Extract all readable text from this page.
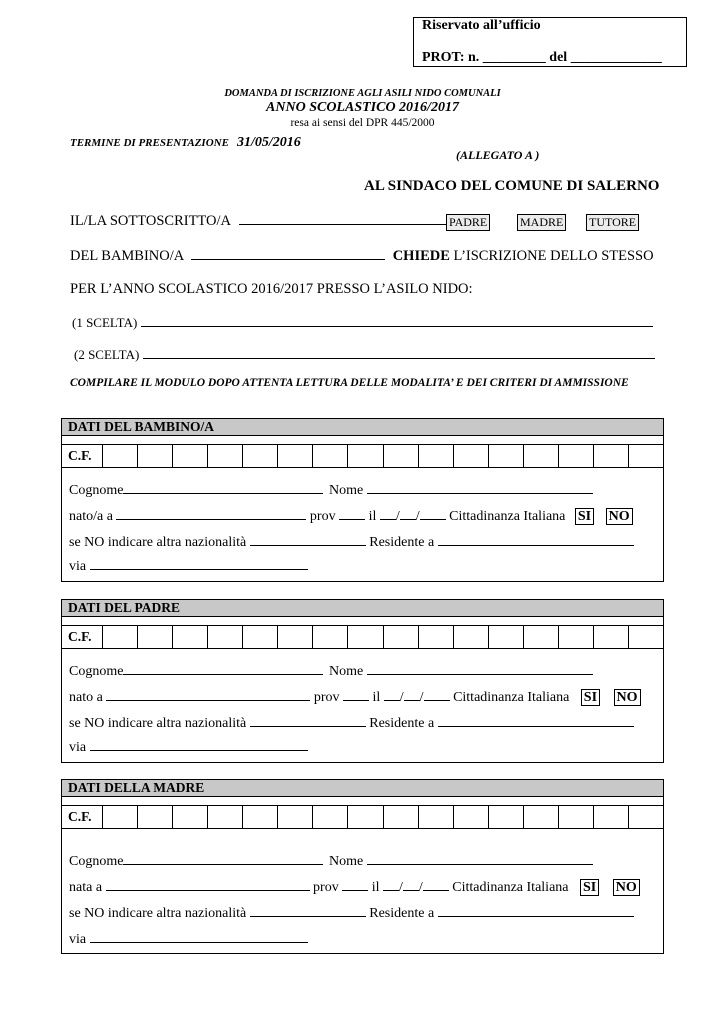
Riservato all’ufficio
PROT: n. _________ del _____________
DOMANDA DI ISCRIZIONE AGLI ASILI NIDO COMUNALI
ANNO SCOLASTICO 2016/2017
resa ai sensi del DPR 445/2000
TERMINE DI PRESENTAZIONE 31/05/2016
(ALLEGATO A )
AL SINDACO DEL COMUNE DI SALERNO
IL/LA SOTTOSCRITTO/A	PADRE	MADRE TUTORE
DEL BAMBINO/A	CHIEDE L’ISCRIZIONE DELLO STESSO
PER L’ANNO SCOLASTICO 2016/2017 PRESSO L’ASILO NIDO:
(1 SCELTA)
(2 SCELTA)
COMPILARE IL MODULO DOPO ATTENTA LETTURA DELLE MODALITA’ E DEI CRITERI DI AMMISSIONE
DATI DEL BAMBINO/A
C.F.
Cognome	Nome
nato/a a	prov il / / Cittadinanza Italiana SI NO
se NO indicare altra nazionalità	Residente a
via
DATI DEL PADRE
C.F.
Cognome	Nome
nato a	prov il / / Cittadinanza Italiana SI NO
se NO indicare altra nazionalità	Residente a
via
DATI DELLA MADRE
C.F.
Cognome	Nome
nata a	prov il / / Cittadinanza Italiana SI NO
se NO indicare altra nazionalità	Residente a
via
